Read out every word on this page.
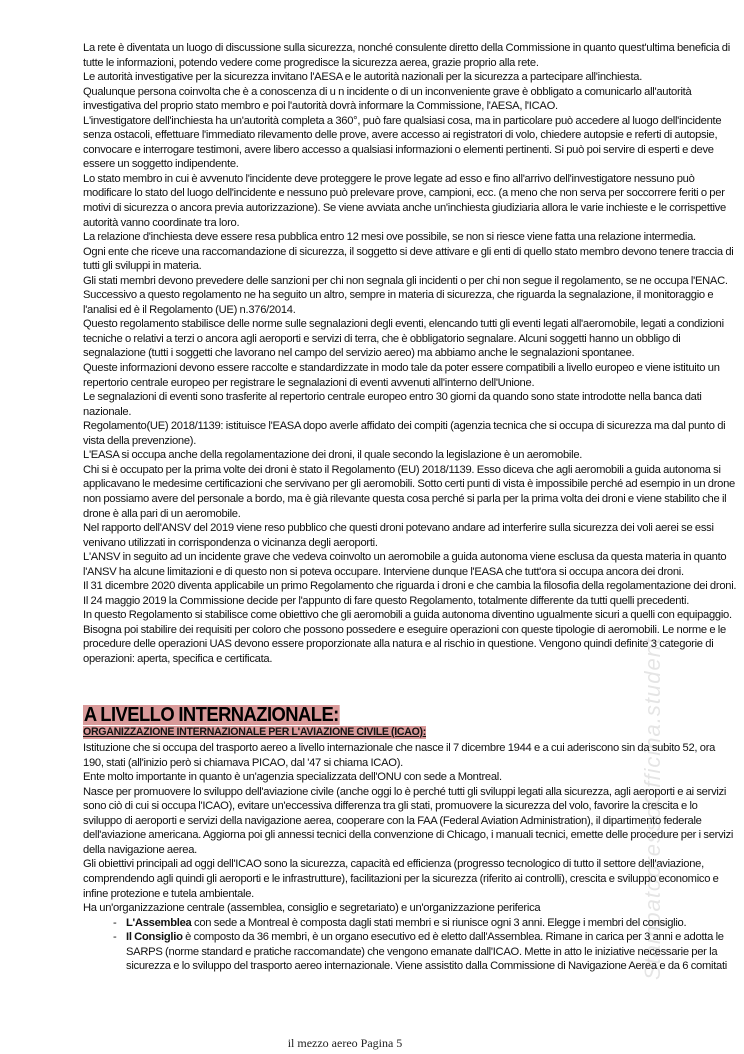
StampatopressoOfficina.student

La rete è diventata un luogo di discussione sulla sicurezza, nonché consulente diretto della Commissione in quanto quest'ultima beneficia di tutte le informazioni, potendo vedere come progredisce la sicurezza aerea, grazie proprio alla rete.

Le autorità investigative per la sicurezza invitano l'AESA e le autorità nazionali per la sicurezza a partecipare all'inchiesta.

Qualunque persona coinvolta che è a conoscenza di u n incidente o di un inconveniente grave è obbligato a comunicarlo all'autorità investigativa del proprio stato membro e poi l'autorità dovrà informare la Commissione, l'AESA, l'ICAO.

L'investigatore dell'inchiesta ha un'autorità completa a 360°, può fare qualsiasi cosa, ma in particolare può accedere al luogo dell'incidente senza ostacoli, effettuare l'immediato rilevamento delle prove, avere accesso ai registratori di volo, chiedere autopsie e referti di autopsie, convocare e interrogare testimoni, avere libero accesso a qualsiasi informazioni o elementi pertinenti. Si può poi servire di esperti e deve essere un soggetto indipendente.

Lo stato membro in cui è avvenuto l'incidente deve proteggere le prove legate ad esso e fino all'arrivo dell'investigatore nessuno può modificare lo stato del luogo dell'incidente e nessuno può prelevare prove, campioni, ecc. (a meno che non serva per soccorrere feriti o per motivi di sicurezza o ancora previa autorizzazione). Se viene avviata anche un'inchiesta giudiziaria allora le varie inchieste e le corrispettive autorità vanno coordinate tra loro.

La relazione d'inchiesta deve essere resa pubblica entro 12 mesi ove possibile, se non si riesce viene fatta una relazione intermedia.

Ogni ente che riceve una raccomandazione di sicurezza, il soggetto si deve attivare e gli enti di quello stato membro devono tenere traccia di tutti gli sviluppi in materia.

Gli stati membri devono prevedere delle sanzioni per chi non segnala gli incidenti o per chi non segue il regolamento, se ne occupa l'ENAC.

Successivo a questo regolamento ne ha seguito un altro, sempre in materia di sicurezza, che riguarda la segnalazione, il monitoraggio e l'analisi ed è il Regolamento (UE) n.376/2014.

Questo regolamento stabilisce delle norme sulle segnalazioni degli eventi, elencando tutti gli eventi legati all'aeromobile, legati a condizioni tecniche o relativi a terzi o ancora agli aeroporti e servizi di terra, che è obbligatorio segnalare. Alcuni soggetti hanno un obbligo di segnalazione (tutti i soggetti che lavorano nel campo del servizio aereo) ma abbiamo anche le segnalazioni spontanee.

Queste informazioni devono essere raccolte e standardizzate in modo tale da poter essere compatibili a livello europeo e viene istituito un repertorio centrale europeo per registrare le segnalazioni di eventi avvenuti all'interno dell'Unione.

Le segnalazioni di eventi sono trasferite al repertorio centrale europeo entro 30 giorni da quando sono state introdotte nella banca dati nazionale.

Regolamento(UE) 2018/1139: istituisce l'EASA dopo averle affidato dei compiti (agenzia tecnica che si occupa di sicurezza ma dal punto di vista della prevenzione).

L'EASA si occupa anche della regolamentazione dei droni, il quale secondo la legislazione è un aeromobile.

Chi si è occupato per la prima volte dei droni è stato il Regolamento (EU) 2018/1139. Esso diceva che agli aeromobili a guida autonoma si applicavano le medesime certificazioni che servivano per gli aeromobili. Sotto certi punti di vista è impossibile perché ad esempio in un drone non possiamo avere del personale a bordo, ma è già rilevante questa cosa perché si parla per la prima volta dei droni e viene stabilito che il drone è alla pari di un aeromobile.

Nel rapporto dell'ANSV del 2019 viene reso pubblico che questi droni potevano andare ad interferire sulla sicurezza dei voli aerei se essi venivano utilizzati in corrispondenza o vicinanza degli aeroporti.

L'ANSV in seguito ad un incidente grave che vedeva coinvolto un aeromobile a guida autonoma viene esclusa da questa materia in quanto l'ANSV ha alcune limitazioni e di questo non si poteva occupare. Interviene dunque l'EASA che tutt'ora si occupa ancora dei droni.

Il 31 dicembre 2020 diventa applicabile un primo Regolamento che riguarda i droni e che cambia la filosofia della regolamentazione dei droni. Il 24 maggio 2019 la Commissione decide per l'appunto di fare questo Regolamento, totalmente differente da tutti quelli precedenti.

In questo Regolamento si stabilisce come obiettivo che gli aeromobili a guida autonoma diventino ugualmente sicuri a quelli con equipaggio. Bisogna poi stabilire dei requisiti per coloro che possono possedere e eseguire operazioni con queste tipologie di aeromobili. Le norme e le procedure delle operazioni UAS devono essere proporzionate alla natura e al rischio in questione. Vengono quindi definite 3 categorie di operazioni: aperta, specifica e certificata.

A LIVELLO INTERNAZIONALE:
ORGANIZZAZIONE INTERNAZIONALE PER L'AVIAZIONE CIVILE (ICAO):

Istituzione che si occupa del trasporto aereo a livello internazionale che nasce il 7 dicembre 1944 e a cui aderiscono sin da subito 52, ora 190, stati (all'inizio però si chiamava PICAO, dal '47 si chiama ICAO).

Ente molto importante in quanto è un'agenzia specializzata dell'ONU con sede a Montreal.

Nasce per promuovere lo sviluppo dell'aviazione civile (anche oggi lo è perché tutti gli sviluppi legati alla sicurezza, agli aeroporti e ai servizi sono ciò di cui si occupa l'ICAO), evitare un'eccessiva differenza tra gli stati, promuovere la sicurezza del volo, favorire la crescita e lo sviluppo di aeroporti e servizi della navigazione aerea, cooperare con la FAA (Federal Aviation Administration), il dipartimento federale dell'aviazione americana. Aggiorna poi gli annessi tecnici della convenzione di Chicago, i manuali tecnici, emette delle procedure per i servizi della navigazione aerea.

Gli obiettivi principali ad oggi dell'ICAO sono la sicurezza, capacità ed efficienza (progresso tecnologico di tutto il settore dell'aviazione, comprendendo agli quindi gli aeroporti e le infrastrutture), facilitazioni per la sicurezza (riferito ai controlli), crescita e sviluppo economico e infine protezione e tutela ambientale.

Ha un'organizzazione centrale (assemblea, consiglio e segretariato) e un'organizzazione periferica

- L'Assemblea con sede a Montreal è composta dagli stati membri e si riunisce ogni 3 anni. Elegge i membri del consiglio.
- Il Consiglio è composto da 36 membri, è un organo esecutivo ed è eletto dall'Assemblea. Rimane in carica per 3 anni e adotta le SARPS (norme standard e pratiche raccomandate) che vengono emanate dall'ICAO. Mette in atto le iniziative necessarie per la sicurezza e lo sviluppo del trasporto aereo internazionale. Viene assistito dalla Commissione di Navigazione Aerea e da 6 comitati
il mezzo aereo Pagina 5
